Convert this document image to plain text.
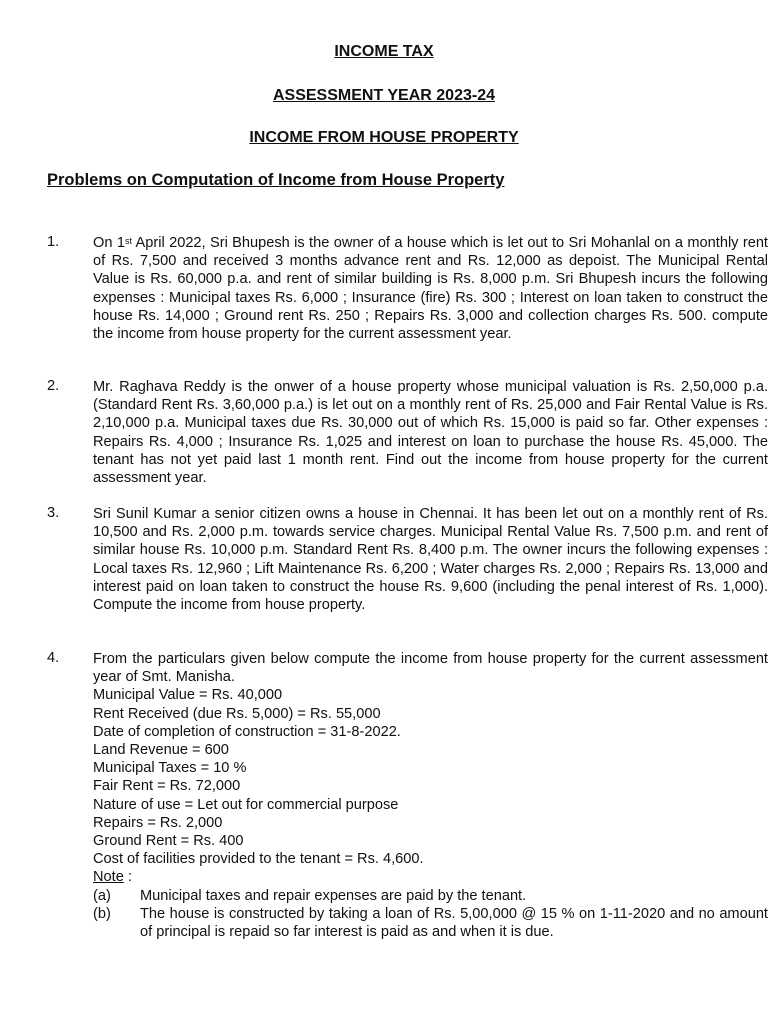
INCOME TAX
ASSESSMENT YEAR 2023-24
INCOME FROM HOUSE PROPERTY
Problems on Computation of Income from House Property
1.	On 1st April 2022, Sri Bhupesh is the owner of a house which is let out to Sri Mohanlal on a monthly rent of Rs. 7,500 and received 3 months advance rent and Rs. 12,000 as depoist. The Municipal Rental Value is Rs. 60,000 p.a. and rent of similar building is Rs. 8,000 p.m. Sri Bhupesh incurs the following expenses : Municipal taxes Rs. 6,000 ; Insurance (fire) Rs. 300 ; Interest on loan taken to construct the house Rs. 14,000 ; Ground rent Rs. 250 ; Repairs Rs. 3,000 and collection charges Rs. 500. compute the income from house property for the current assessment year.
2.	Mr. Raghava Reddy is the onwer of a house property whose municipal valuation is Rs. 2,50,000 p.a. (Standard Rent Rs. 3,60,000 p.a.) is let out on a monthly rent of Rs. 25,000 and Fair Rental Value is Rs. 2,10,000 p.a. Municipal taxes due Rs. 30,000 out of which Rs. 15,000 is paid so far. Other expenses : Repairs Rs. 4,000 ; Insurance Rs. 1,025 and interest on loan to purchase the house Rs. 45,000. The tenant has not yet paid last 1 month rent. Find out the income from house property for the current assessment year.
3.	Sri Sunil Kumar a senior citizen owns a house in Chennai. It has been let out on a monthly rent of Rs. 10,500 and Rs. 2,000 p.m. towards service charges. Municipal Rental Value Rs. 7,500 p.m. and rent of similar house Rs. 10,000 p.m. Standard Rent Rs. 8,400 p.m. The owner incurs the following expenses : Local taxes Rs. 12,960 ; Lift Maintenance Rs. 6,200 ; Water charges Rs. 2,000 ; Repairs Rs. 13,000 and interest paid on loan taken to construct the house Rs. 9,600 (including the penal interest of Rs. 1,000). Compute the income from house property.
4.	From the particulars given below compute the income from house property for the current assessment year of Smt. Manisha.
Municipal Value = Rs. 40,000
Rent Received (due Rs. 5,000) = Rs. 55,000
Date of completion of construction = 31-8-2022.
Land Revenue = 600
Municipal Taxes = 10 %
Fair Rent = Rs. 72,000
Nature of use = Let out for commercial purpose
Repairs = Rs. 2,000
Ground Rent = Rs. 400
Cost of facilities provided to the tenant = Rs. 4,600.
Note :
(a) Municipal taxes and repair expenses are paid by the tenant.
(b) The house is constructed by taking a loan of Rs. 5,00,000 @ 15 % on 1-11-2020 and no amount of principal is repaid so far interest is paid as and when it is due.
